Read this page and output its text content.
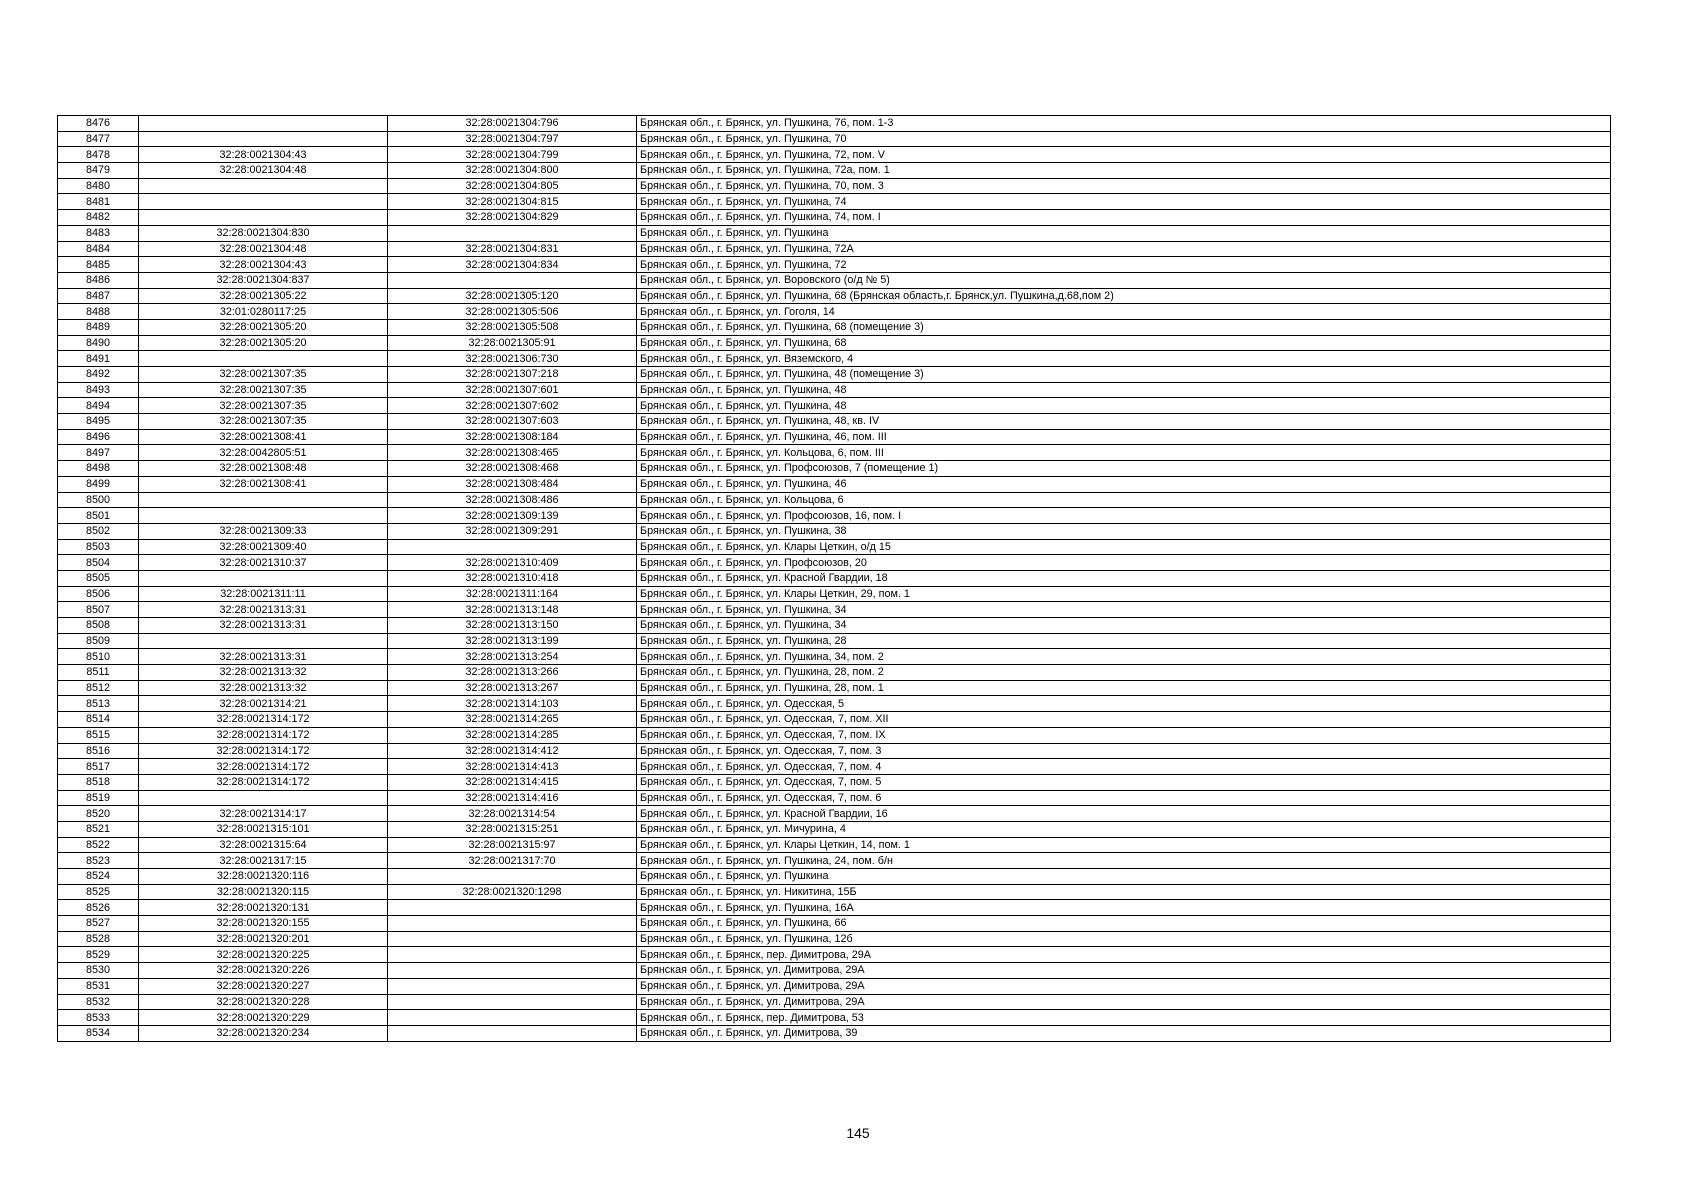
8476		32:28:0021304:796	Брянская обл., г. Брянск, ул. Пушкина, 76, пом. 1-3
8477		32:28:0021304:797	Брянская обл., г. Брянск, ул. Пушкина, 70
8478	32:28:0021304:43	32:28:0021304:799	Брянская обл., г. Брянск, ул. Пушкина, 72, пом. V
8479	32:28:0021304:48	32:28:0021304:800	Брянская обл., г. Брянск, ул. Пушкина, 72а, пом. 1
8480		32:28:0021304:805	Брянская обл., г. Брянск, ул. Пушкина, 70, пом. 3
8481		32:28:0021304:815	Брянская обл., г. Брянск, ул. Пушкина, 74
8482		32:28:0021304:829	Брянская обл., г. Брянск, ул. Пушкина, 74, пом. I
8483	32:28:0021304:830		Брянская обл., г. Брянск, ул. Пушкина
8484	32:28:0021304:48	32:28:0021304:831	Брянская обл., г. Брянск, ул. Пушкина, 72А
8485	32:28:0021304:43	32:28:0021304:834	Брянская обл., г. Брянск, ул. Пушкина, 72
8486	32:28:0021304:837		Брянская обл., г. Брянск, ул. Воровского (о/д № 5)
8487	32:28:0021305:22	32:28:0021305:120	Брянская обл., г. Брянск, ул. Пушкина, 68 (Брянская область,г. Брянск,ул. Пушкина,д.68,пом 2)
8488	32:01:0280117:25	32:28:0021305:506	Брянская обл., г. Брянск, ул. Гоголя, 14
8489	32:28:0021305:20	32:28:0021305:508	Брянская обл., г. Брянск, ул. Пушкина, 68 (помещение 3)
8490	32:28:0021305:20	32:28:0021305:91	Брянская обл., г. Брянск, ул. Пушкина, 68
8491		32:28:0021306:730	Брянская обл., г. Брянск, ул. Вяземского, 4
8492	32:28:0021307:35	32:28:0021307:218	Брянская обл., г. Брянск, ул. Пушкина, 48 (помещение 3)
8493	32:28:0021307:35	32:28:0021307:601	Брянская обл., г. Брянск, ул. Пушкина, 48
8494	32:28:0021307:35	32:28:0021307:602	Брянская обл., г. Брянск, ул. Пушкина, 48
8495	32:28:0021307:35	32:28:0021307:603	Брянская обл., г. Брянск, ул. Пушкина, 48, кв. IV
8496	32:28:0021308:41	32:28:0021308:184	Брянская обл., г. Брянск, ул. Пушкина, 46, пом. III
8497	32:28:0042805:51	32:28:0021308:465	Брянская обл., г. Брянск, ул. Кольцова, 6, пом. III
8498	32:28:0021308:48	32:28:0021308:468	Брянская обл., г. Брянск, ул. Профсоюзов, 7 (помещение 1)
8499	32:28:0021308:41	32:28:0021308:484	Брянская обл., г. Брянск, ул. Пушкина, 46
8500		32:28:0021308:486	Брянская обл., г. Брянск, ул. Кольцова, 6
8501		32:28:0021309:139	Брянская обл., г. Брянск, ул. Профсоюзов, 16, пом. I
8502	32:28:0021309:33	32:28:0021309:291	Брянская обл., г. Брянск, ул. Пушкина, 38
8503	32:28:0021309:40		Брянская обл., г. Брянск, ул. Клары Цеткин, о/д 15
8504	32:28:0021310:37	32:28:0021310:409	Брянская обл., г. Брянск, ул. Профсоюзов, 20
8505		32:28:0021310:418	Брянская обл., г. Брянск, ул. Красной Гвардии, 18
8506	32:28:0021311:11	32:28:0021311:164	Брянская обл., г. Брянск, ул. Клары Цеткин, 29, пом. 1
8507	32:28:0021313:31	32:28:0021313:148	Брянская обл., г. Брянск, ул. Пушкина, 34
8508	32:28:0021313:31	32:28:0021313:150	Брянская обл., г. Брянск, ул. Пушкина, 34
8509		32:28:0021313:199	Брянская обл., г. Брянск, ул. Пушкина, 28
8510	32:28:0021313:31	32:28:0021313:254	Брянская обл., г. Брянск, ул. Пушкина, 34, пом. 2
8511	32:28:0021313:32	32:28:0021313:266	Брянская обл., г. Брянск, ул. Пушкина, 28, пом. 2
8512	32:28:0021313:32	32:28:0021313:267	Брянская обл., г. Брянск, ул. Пушкина, 28, пом. 1
8513	32:28:0021314:21	32:28:0021314:103	Брянская обл., г. Брянск, ул. Одесская, 5
8514	32:28:0021314:172	32:28:0021314:265	Брянская обл., г. Брянск, ул. Одесская, 7, пом. XII
8515	32:28:0021314:172	32:28:0021314:285	Брянская обл., г. Брянск, ул. Одесская, 7, пом. IX
8516	32:28:0021314:172	32:28:0021314:412	Брянская обл., г. Брянск, ул. Одесская, 7, пом. 3
8517	32:28:0021314:172	32:28:0021314:413	Брянская обл., г. Брянск, ул. Одесская, 7, пом. 4
8518	32:28:0021314:172	32:28:0021314:415	Брянская обл., г. Брянск, ул. Одесская, 7, пом. 5
8519		32:28:0021314:416	Брянская обл., г. Брянск, ул. Одесская, 7, пом. 6
8520	32:28:0021314:17	32:28:0021314:54	Брянская обл., г. Брянск, ул. Красной Гвардии, 16
8521	32:28:0021315:101	32:28:0021315:251	Брянская обл., г. Брянск, ул. Мичурина, 4
8522	32:28:0021315:64	32:28:0021315:97	Брянская обл., г. Брянск, ул. Клары Цеткин, 14, пом. 1
8523	32:28:0021317:15	32:28:0021317:70	Брянская обл., г. Брянск, ул. Пушкина, 24, пом. б/н
8524	32:28:0021320:116		Брянская обл., г. Брянск, ул. Пушкина
8525	32:28:0021320:115	32:28:0021320:1298	Брянская обл., г. Брянск, ул. Никитина, 15Б
8526	32:28:0021320:131		Брянская обл., г. Брянск, ул. Пушкина, 16А
8527	32:28:0021320:155		Брянская обл., г. Брянск, ул. Пушкина, 66
8528	32:28:0021320:201		Брянская обл., г. Брянск, ул. Пушкина, 12б
8529	32:28:0021320:225		Брянская обл., г. Брянск, пер. Димитрова, 29А
8530	32:28:0021320:226		Брянская обл., г. Брянск, ул. Димитрова, 29А
8531	32:28:0021320:227		Брянская обл., г. Брянск, ул. Димитрова, 29А
8532	32:28:0021320:228		Брянская обл., г. Брянск, ул. Димитрова, 29А
8533	32:28:0021320:229		Брянская обл., г. Брянск, пер. Димитрова, 53
8534	32:28:0021320:234		Брянская обл., г. Брянск, ул. Димитрова, 39
145
